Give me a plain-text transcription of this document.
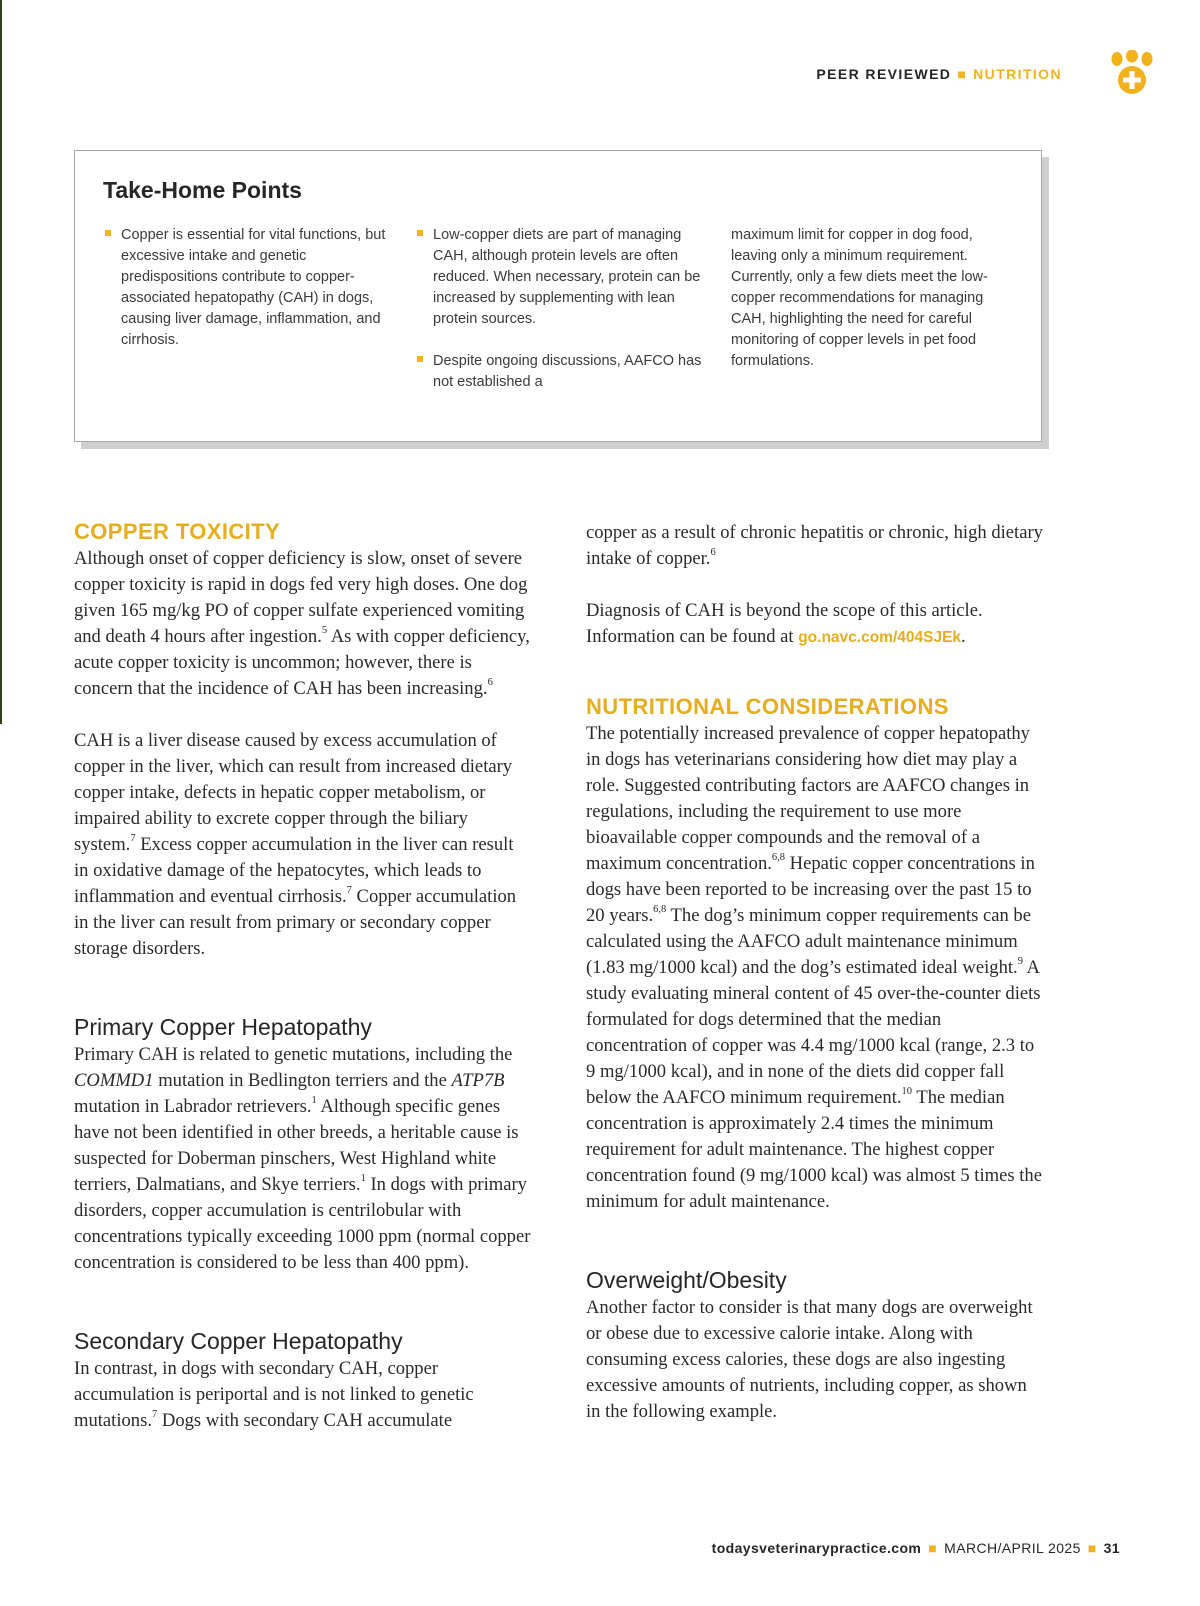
PEER REVIEWED ■ NUTRITION
Take-Home Points
Copper is essential for vital functions, but excessive intake and genetic predispositions contribute to copper-associated hepatopathy (CAH) in dogs, causing liver damage, inflammation, and cirrhosis.
Low-copper diets are part of managing CAH, although protein levels are often reduced. When necessary, protein can be increased by supplementing with lean protein sources.
Despite ongoing discussions, AAFCO has not established a

maximum limit for copper in dog food, leaving only a minimum requirement. Currently, only a few diets meet the low-copper recommendations for managing CAH, highlighting the need for careful monitoring of copper levels in pet food formulations.

COPPER TOXICITY

Although onset of copper deficiency is slow, onset of severe copper toxicity is rapid in dogs fed very high doses. One dog given 165 mg/kg PO of copper sulfate experienced vomiting and death 4 hours after ingestion.$^5$ As with copper deficiency, acute copper toxicity is uncommon; however, there is concern that the incidence of CAH has been increasing.$^6$

CAH is a liver disease caused by excess accumulation of copper in the liver, which can result from increased dietary copper intake, defects in hepatic copper metabolism, or impaired ability to excrete copper through the biliary system.$^7$ Excess copper accumulation in the liver can result in oxidative damage of the hepatocytes, which leads to inflammation and eventual cirrhosis.$^7$ Copper accumulation in the liver can result from primary or secondary copper storage disorders.

Primary Copper Hepatopathy

Primary CAH is related to genetic mutations, including the COMMD1 mutation in Bedlington terriers and the ATP7B mutation in Labrador retrievers.$^1$ Although specific genes have not been identified in other breeds, a heritable cause is suspected for Doberman pinschers, West Highland white terriers, Dalmatians, and Skye terriers.$^1$ In dogs with primary disorders, copper accumulation is centrilobular with concentrations typically exceeding 1000 ppm (normal copper concentration is considered to be less than 400 ppm).

Secondary Copper Hepatopathy

In contrast, in dogs with secondary CAH, copper accumulation is periportal and is not linked to genetic mutations.$^7$ Dogs with secondary CAH accumulate

copper as a result of chronic hepatitis or chronic, high dietary intake of copper.$^6$

Diagnosis of CAH is beyond the scope of this article. Information can be found at go.navc.com/404SJEk.

NUTRITIONAL CONSIDERATIONS

The potentially increased prevalence of copper hepatopathy in dogs has veterinarians considering how diet may play a role. Suggested contributing factors are AAFCO changes in regulations, including the requirement to use more bioavailable copper compounds and the removal of a maximum concentration.$^{6,8}$ Hepatic copper concentrations in dogs have been reported to be increasing over the past 15 to 20 years.$^{6,8}$ The dog’s minimum copper requirements can be calculated using the AAFCO adult maintenance minimum (1.83 mg/1000 kcal) and the dog’s estimated ideal weight.$^9$ A study evaluating mineral content of 45 over-the-counter diets formulated for dogs determined that the median concentration of copper was 4.4 mg/1000 kcal (range, 2.3 to 9 mg/1000 kcal), and in none of the diets did copper fall below the AAFCO minimum requirement.$^{10}$ The median concentration is approximately 2.4 times the minimum requirement for adult maintenance. The highest copper concentration found (9 mg/1000 kcal) was almost 5 times the minimum for adult maintenance.

Overweight/Obesity

Another factor to consider is that many dogs are overweight or obese due to excessive calorie intake. Along with consuming excess calories, these dogs are also ingesting excessive amounts of nutrients, including copper, as shown in the following example.

todaysveterinarypractice.com ■ MARCH/APRIL 2025 ■ 31
